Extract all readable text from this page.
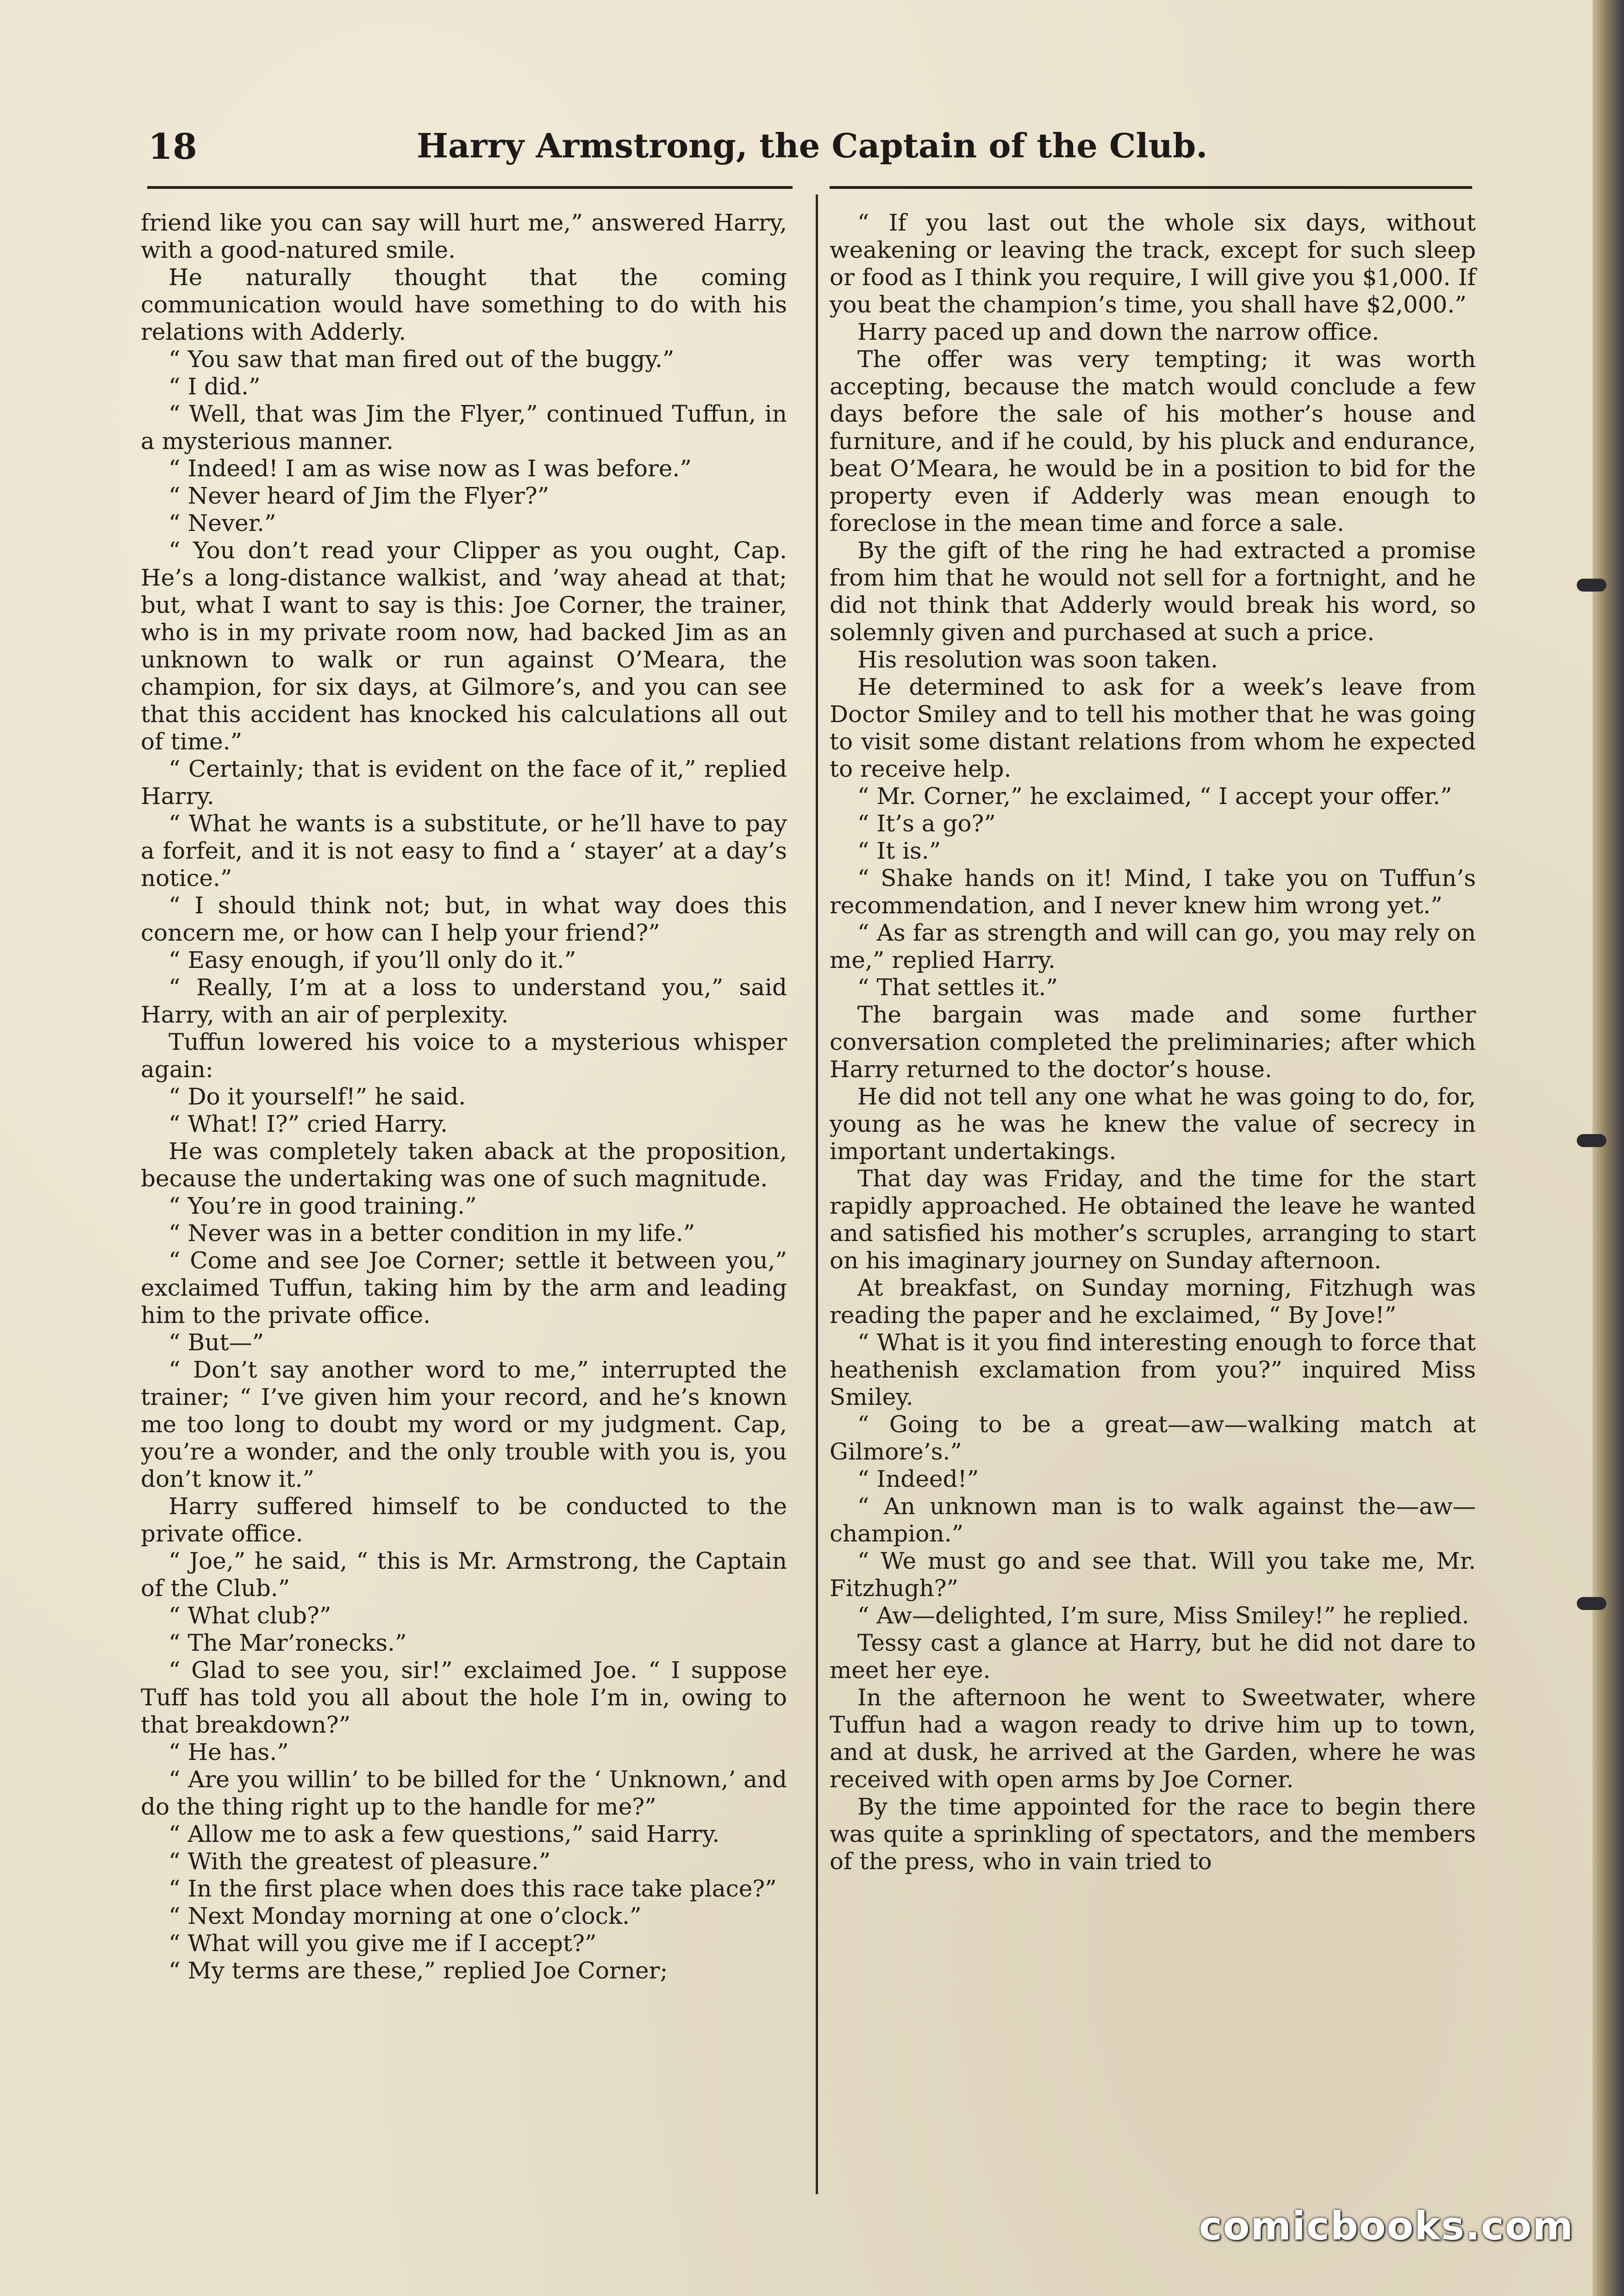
18	Harry Armstrong, the Captain of the Club.

friend like you can say will hurt me,” answered Harry, with a good-natured smile.

He naturally thought that the coming communication would have something to do with his relations with Adderly.

“ You saw that man fired out of the buggy.”

“ I did.”

“ Well, that was Jim the Flyer,” continued Tuffun, in a mysterious manner.

“ Indeed! I am as wise now as I was before.”

“ Never heard of Jim the Flyer?”

“ Never.”

“ You don’t read your Clipper as you ought, Cap. He’s a long-distance walkist, and ’way ahead at that; but, what I want to say is this: Joe Corner, the trainer, who is in my private room now, had backed Jim as an unknown to walk or run against O’Meara, the champion, for six days, at Gilmore’s, and you can see that this accident has knocked his calculations all out of time.”

“ Certainly; that is evident on the face of it,” replied Harry.

“ What he wants is a substitute, or he’ll have to pay a forfeit, and it is not easy to find a ‘ stayer’ at a day’s notice.”

“ I should think not; but, in what way does this concern me, or how can I help your friend?”

“ Easy enough, if you’ll only do it.”

“ Really, I’m at a loss to understand you,” said Harry, with an air of perplexity.

Tuffun lowered his voice to a mysterious whisper again:

“ Do it yourself!” he said.

“ What! I?” cried Harry.

He was completely taken aback at the proposition, because the undertaking was one of such magnitude.

“ You’re in good training.”

“ Never was in a better condition in my life.”

“ Come and see Joe Corner; settle it between you,” exclaimed Tuffun, taking him by the arm and leading him to the private office.

“ But—”

“ Don’t say another word to me,” interrupted the trainer; “ I’ve given him your record, and he’s known me too long to doubt my word or my judgment. Cap, you’re a wonder, and the only trouble with you is, you don’t know it.”

Harry suffered himself to be conducted to the private office.

“ Joe,” he said, “ this is Mr. Armstrong, the Captain of the Club.”

“ What club?”

“ The Mar’ronecks.”

“ Glad to see you, sir!” exclaimed Joe. “ I suppose Tuff has told you all about the hole I’m in, owing to that breakdown?”

“ He has.”

“ Are you willin’ to be billed for the ‘ Unknown,’ and do the thing right up to the handle for me?”

“ Allow me to ask a few questions,” said Harry.

“ With the greatest of pleasure.”

“ In the first place when does this race take place?”

“ Next Monday morning at one o’clock.”

“ What will you give me if I accept?”

“ My terms are these,” replied Joe Corner;

“ If you last out the whole six days, without weakening or leaving the track, except for such sleep or food as I think you require, I will give you $1,000. If you beat the champion’s time, you shall have $2,000.”

Harry paced up and down the narrow office.

The offer was very tempting; it was worth accepting, because the match would conclude a few days before the sale of his mother’s house and furniture, and if he could, by his pluck and endurance, beat O’Meara, he would be in a position to bid for the property even if Adderly was mean enough to foreclose in the mean time and force a sale.

By the gift of the ring he had extracted a promise from him that he would not sell for a fortnight, and he did not think that Adderly would break his word, so solemnly given and purchased at such a price.

His resolution was soon taken.

He determined to ask for a week’s leave from Doctor Smiley and to tell his mother that he was going to visit some distant relations from whom he expected to receive help.

“ Mr. Corner,” he exclaimed, “ I accept your offer.”

“ It’s a go?”

“ It is.”

“ Shake hands on it! Mind, I take you on Tuffun’s recommendation, and I never knew him wrong yet.”

“ As far as strength and will can go, you may rely on me,” replied Harry.

“ That settles it.”

The bargain was made and some further conversation completed the preliminaries; after which Harry returned to the doctor’s house.

He did not tell any one what he was going to do, for, young as he was he knew the value of secrecy in important undertakings.

That day was Friday, and the time for the start rapidly approached. He obtained the leave he wanted and satisfied his mother’s scruples, arranging to start on his imaginary journey on Sunday afternoon.

At breakfast, on Sunday morning, Fitzhugh was reading the paper and he exclaimed, “ By Jove!”

“ What is it you find interesting enough to force that heathenish exclamation from you?” inquired Miss Smiley.

“ Going to be a great—aw—walking match at Gilmore’s.”

“ Indeed!”

“ An unknown man is to walk against the—aw—champion.”

“ We must go and see that. Will you take me, Mr. Fitzhugh?”

“ Aw—delighted, I’m sure, Miss Smiley!” he replied.

Tessy cast a glance at Harry, but he did not dare to meet her eye.

In the afternoon he went to Sweetwater, where Tuffun had a wagon ready to drive him up to town, and at dusk, he arrived at the Garden, where he was received with open arms by Joe Corner.

By the time appointed for the race to begin there was quite a sprinkling of spectators, and the members of the press, who in vain tried to

comicbooks.com
